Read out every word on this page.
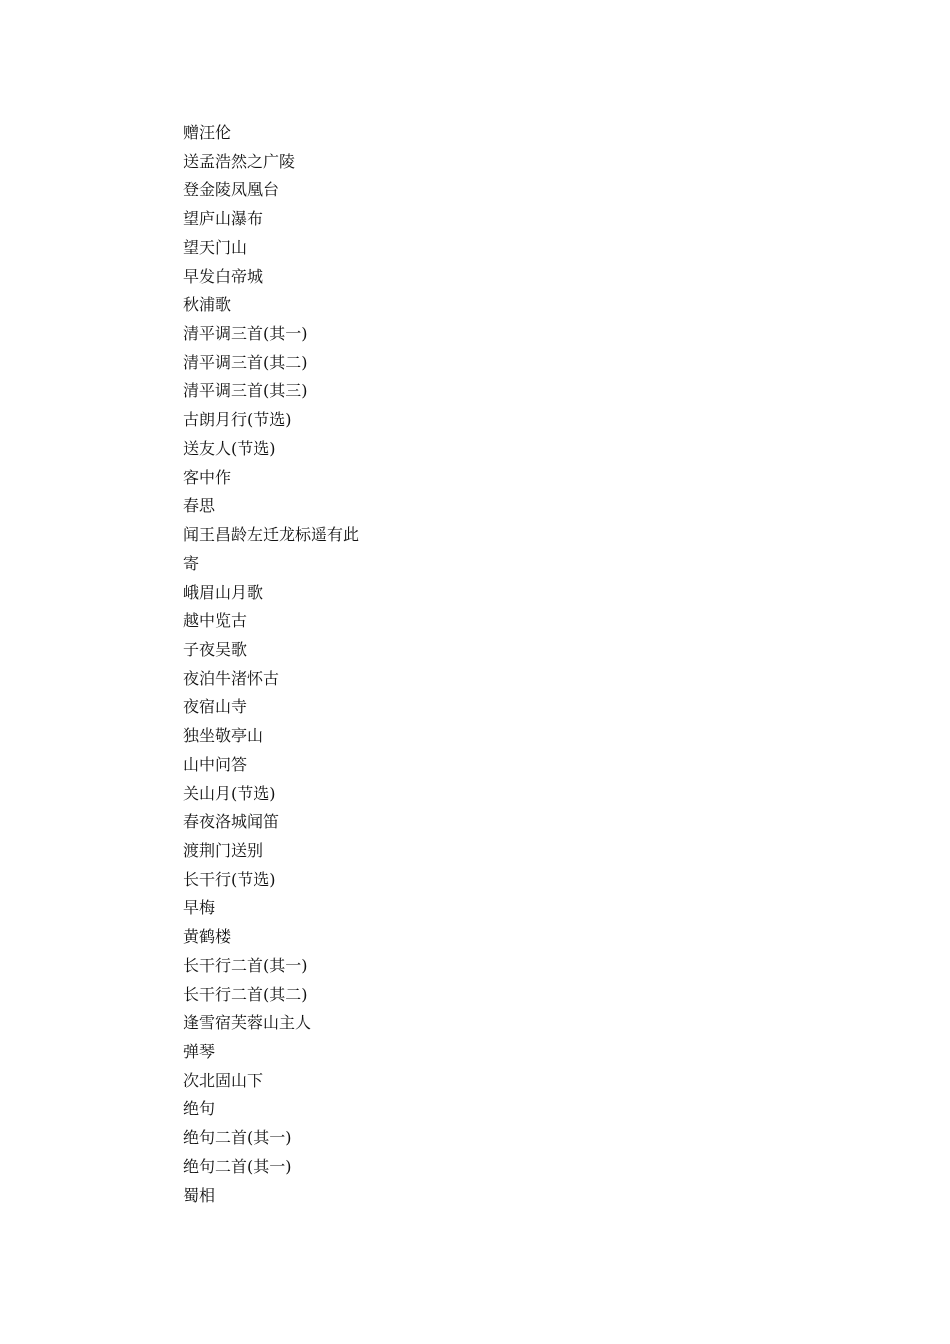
赠汪伦
送孟浩然之广陵
登金陵凤凰台
望庐山瀑布
望天门山
早发白帝城
秋浦歌
清平调三首(其一)
清平调三首(其二)
清平调三首(其三)
古朗月行(节选)
送友人(节选)
客中作
春思
闻王昌龄左迁龙标遥有此
寄
峨眉山月歌
越中览古
子夜吴歌
夜泊牛渚怀古
夜宿山寺
独坐敬亭山
山中问答
关山月(节选)
春夜洛城闻笛
渡荆门送别
长干行(节选)
早梅
黄鹤楼
长干行二首(其一)
长干行二首(其二)
逢雪宿芙蓉山主人
弹琴
次北固山下
绝句
绝句二首(其一)
绝句二首(其一)
蜀相
